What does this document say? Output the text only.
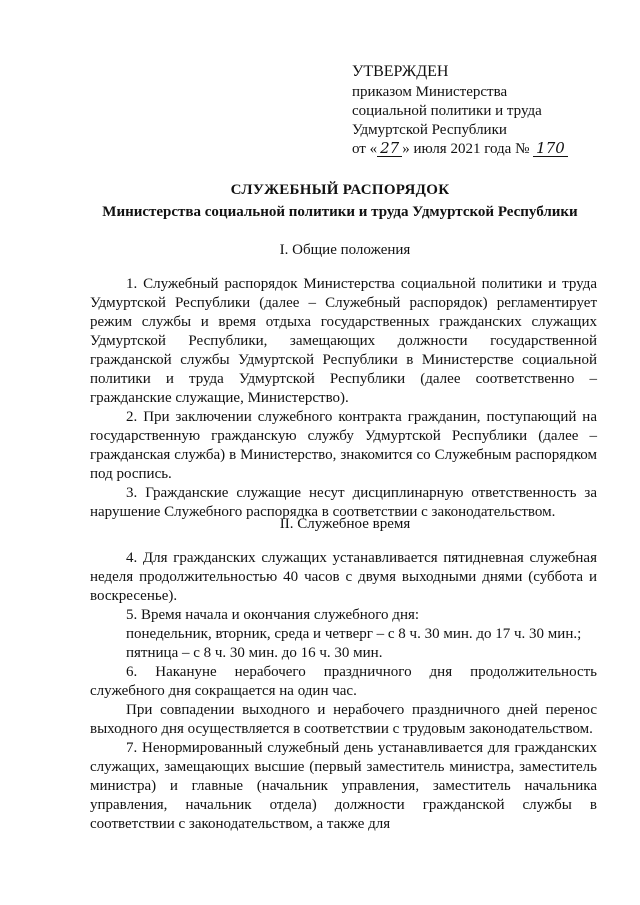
УТВЕРЖДЕН
приказом Министерства
социальной политики и труда
Удмуртской Республики
от « 27 » июля 2021 года № 170
СЛУЖЕБНЫЙ РАСПОРЯДОК
Министерства социальной политики и труда Удмуртской Республики
I. Общие положения

1. Служебный распорядок Министерства социальной политики и труда Удмуртской Республики (далее – Служебный распорядок) регламентирует режим службы и время отдыха государственных гражданских служащих Удмуртской Республики, замещающих должности государственной гражданской службы Удмуртской Республики в Министерстве социальной политики и труда Удмуртской Республики (далее соответственно – гражданские служащие, Министерство).

2. При заключении служебного контракта гражданин, поступающий на государственную гражданскую службу Удмуртской Республики (далее – гражданская служба) в Министерство, знакомится со Служебным распорядком под роспись.

3. Гражданские служащие несут дисциплинарную ответственность за нарушение Служебного распорядка в соответствии с законодательством.

II. Служебное время

4. Для гражданских служащих устанавливается пятидневная служебная неделя продолжительностью 40 часов с двумя выходными днями (суббота и воскресенье).

5. Время начала и окончания служебного дня:

понедельник, вторник, среда и четверг – с 8 ч. 30 мин. до 17 ч. 30 мин.;

пятница – с 8 ч. 30 мин. до 16 ч. 30 мин.

6. Накануне нерабочего праздничного дня продолжительность служебного дня сокращается на один час.

При совпадении выходного и нерабочего праздничного дней перенос выходного дня осуществляется в соответствии с трудовым законодательством.

7. Ненормированный служебный день устанавливается для гражданских служащих, замещающих высшие (первый заместитель министра, заместитель министра) и главные (начальник управления, заместитель начальника управления, начальник отдела) должности гражданской службы в соответствии с законодательством, а также для
